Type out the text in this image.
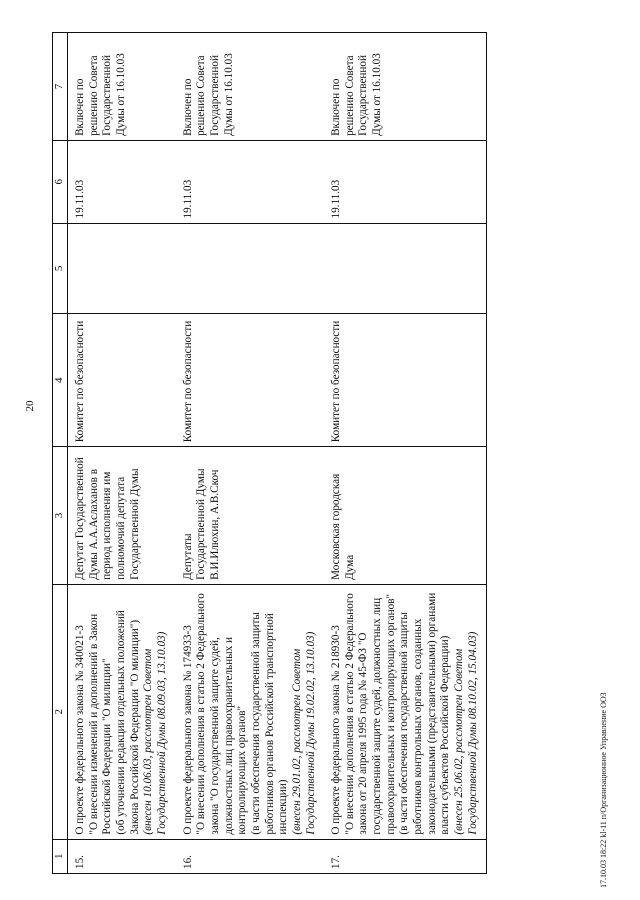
20
1	2	3	4	5	6	7
15.	О проекте федерального закона № 340021-3 "О внесении изменений и дополнений в Закон Российской Федерации "О милиции" (об уточнении редакции отдельных положений Закона Российской Федерации "О милиции") (внесен 10.06.03, рассмотрен Советом Государственной Думы 08.09.03, 13.10.03)	Депутат Государственной Думы А.А.Аслаханов в период исполнения им полномочий депутата Государственной Думы	Комитет по безопасности		19.11.03	Включен по решению Совета Государственной Думы от 16.10.03
16.	О проекте федерального закона № 174933-3 "О внесении дополнения в статью 2 Федерального закона "О государственной защите судей, должностных лиц правоохранительных и контролирующих органов" (в части обеспечения государственной защиты работников органов Российской транспортной инспекции) (внесен 29.01.02, рассмотрен Советом Государственной Думы 19.02.02, 13.10.03)	Депутаты Государственной Думы В.И.Илюхин, А.В.Скоч	Комитет по безопасности		19.11.03	Включен по решению Совета Государственной Думы от 16.10.03
17.	О проекте федерального закона № 218930-3 "О внесении дополнения в статью 2 Федерального закона от 20 апреля 1995 года № 45-ФЗ "О государственной защите судей, должностных лиц правоохранительных и контролирующих органов" (в части обеспечения государственной защиты работников контрольных органов, созданных законодательными (представительными) органами власти субъектов Российской Федерации) (внесен 25.06.02, рассмотрен Советом Государственной Думы 08.10.02, 15.04.03)	Московская городская Дума	Комитет по безопасности		19.11.03	Включен по решению Совета Государственной Думы от 16.10.03
17.10.03 18:22 kl-11 п/Организационное Управление ООЗ
